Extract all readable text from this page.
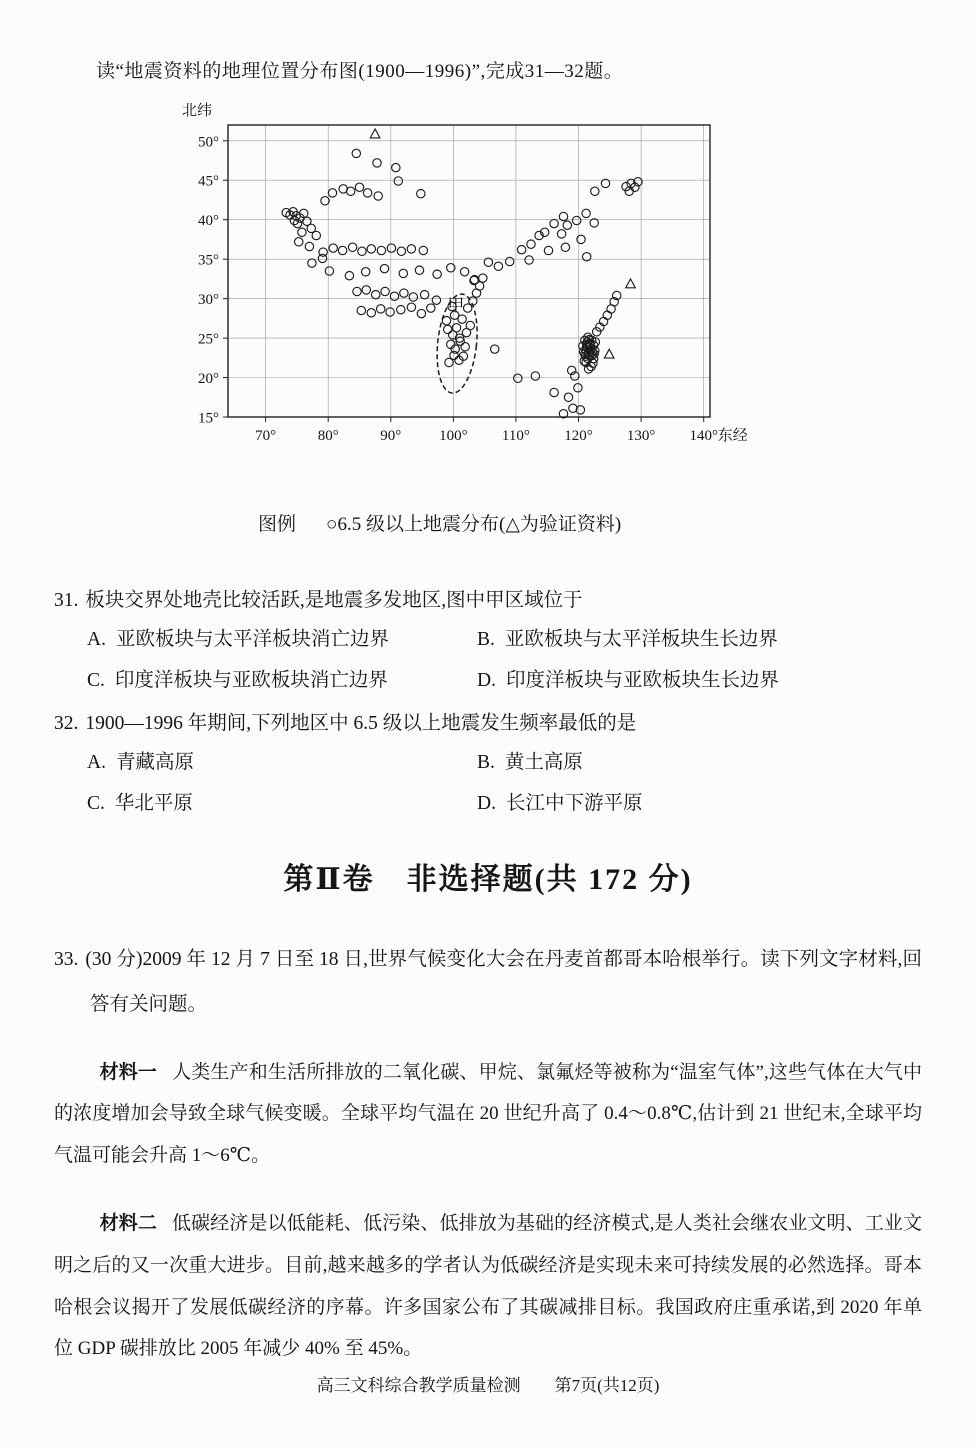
读“地震资料的地理位置分布图(1900—1996)”,完成31—32题。

70°	80°	90°	100° 110° 120° 130° 140°
15°
20°
25°
30°
35°
40°
45°
50°
北纬
东经
甲

图例 ○6.5 级以上地震分布(△为验证资料)

31. 板块交界处地壳比较活跃,是地震多发地区,图中甲区域位于

A. 亚欧板块与太平洋板块消亡边界	B. 亚欧板块与太平洋板块生长边界
C. 印度洋板块与亚欧板块消亡边界	D. 印度洋板块与亚欧板块生长边界

32. 1900—1996 年期间,下列地区中 6.5 级以上地震发生频率最低的是

A. 青藏高原	B. 黄土高原
C. 华北平原	D. 长江中下游平原
第Ⅱ卷　非选择题(共 172 分)

33. (30 分)2009 年 12 月 7 日至 18 日,世界气候变化大会在丹麦首都哥本哈根举行。读下列文字材料,回答有关问题。

材料一 人类生产和生活所排放的二氧化碳、甲烷、氯氟烃等被称为“温室气体”,这些气体在大气中的浓度增加会导致全球气候变暖。全球平均气温在 20 世纪升高了 0.4～0.8℃,估计到 21 世纪末,全球平均气温可能会升高 1～6℃。

材料二 低碳经济是以低能耗、低污染、低排放为基础的经济模式,是人类社会继农业文明、工业文明之后的又一次重大进步。目前,越来越多的学者认为低碳经济是实现未来可持续发展的必然选择。哥本哈根会议揭开了发展低碳经济的序幕。许多国家公布了其碳减排目标。我国政府庄重承诺,到 2020 年单位 GDP 碳排放比 2005 年减少 40% 至 45%。

高三文科综合教学质量检测　　第7页(共12页)
